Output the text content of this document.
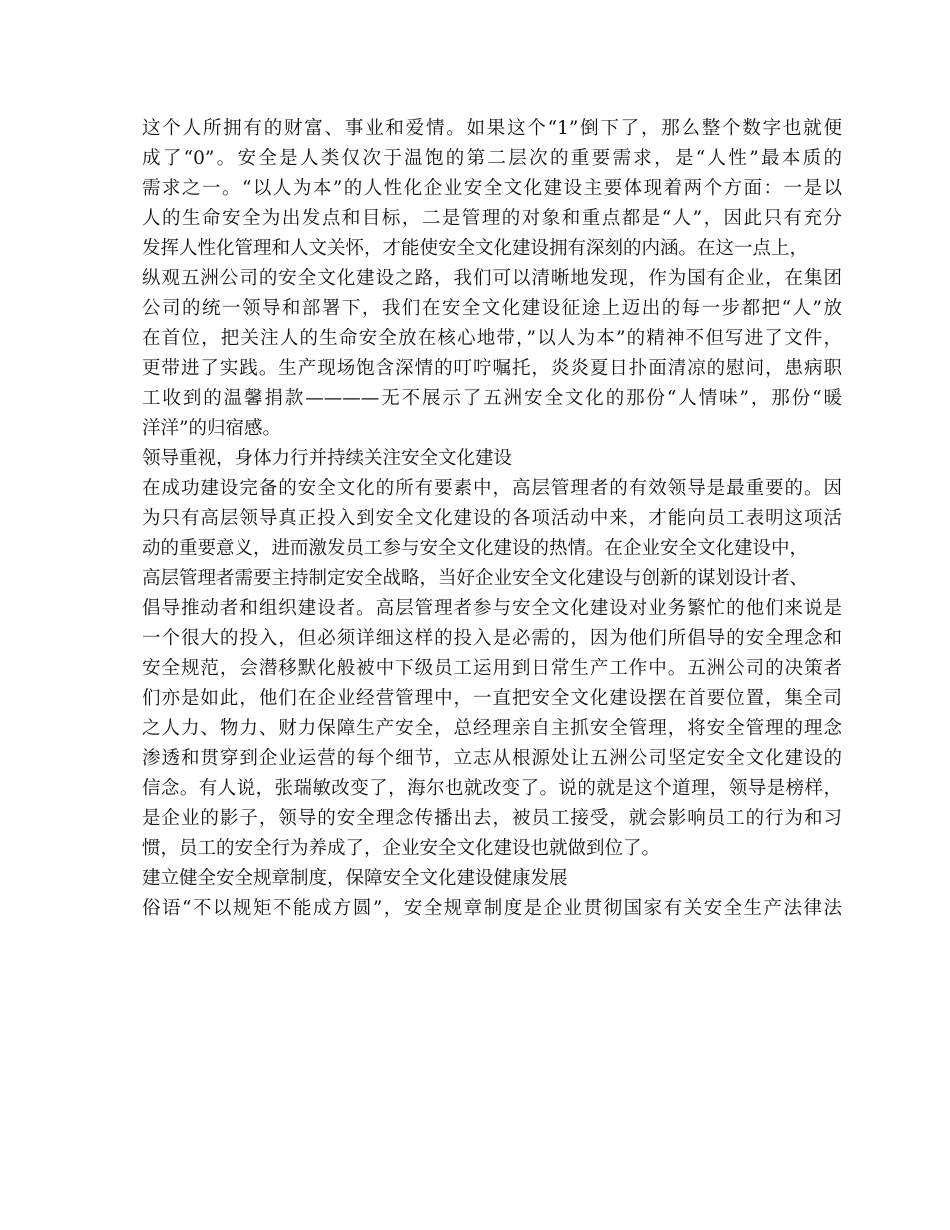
这个人所拥有的财富、事业和爱情。如果这个“1”倒下了，那么整个数字也就便

成了“0”。安全是人类仅次于温饱的第二层次的重要需求，是“人性”最本质的

需求之一。“以人为本”的人性化企业安全文化建设主要体现着两个方面：一是以

人的生命安全为出发点和目标，二是管理的对象和重点都是“人”，因此只有充分

发挥人性化管理和人文关怀，才能使安全文化建设拥有深刻的内涵。在这一点上，

纵观五洲公司的安全文化建设之路，我们可以清晰地发现，作为国有企业，在集团

公司的统一领导和部署下，我们在安全文化建设征途上迈出的每一步都把“人”放

在首位，把关注人的生命安全放在核心地带，”以人为本”的精神不但写进了文件，

更带进了实践。生产现场饱含深情的叮咛嘱托，炎炎夏日扑面清凉的慰问，患病职

工收到的温馨捐款————无不展示了五洲安全文化的那份“人情味”，那份“暖

洋洋”的归宿感。

领导重视，身体力行并持续关注安全文化建设

在成功建设完备的安全文化的所有要素中，高层管理者的有效领导是最重要的。因

为只有高层领导真正投入到安全文化建设的各项活动中来，才能向员工表明这项活

动的重要意义，进而激发员工参与安全文化建设的热情。在企业安全文化建设中，

高层管理者需要主持制定安全战略，当好企业安全文化建设与创新的谋划设计者、

倡导推动者和组织建设者。高层管理者参与安全文化建设对业务繁忙的他们来说是

一个很大的投入，但必须详细这样的投入是必需的，因为他们所倡导的安全理念和

安全规范，会潜移默化般被中下级员工运用到日常生产工作中。五洲公司的决策者

们亦是如此，他们在企业经营管理中，一直把安全文化建设摆在首要位置，集全司

之人力、物力、财力保障生产安全，总经理亲自主抓安全管理，将安全管理的理念

渗透和贯穿到企业运营的每个细节，立志从根源处让五洲公司坚定安全文化建设的

信念。有人说，张瑞敏改变了，海尔也就改变了。说的就是这个道理，领导是榜样，

是企业的影子，领导的安全理念传播出去，被员工接受，就会影响员工的行为和习

惯，员工的安全行为养成了，企业安全文化建设也就做到位了。

建立健全安全规章制度，保障安全文化建设健康发展

俗语“不以规矩不能成方圆”，安全规章制度是企业贯彻国家有关安全生产法律法
